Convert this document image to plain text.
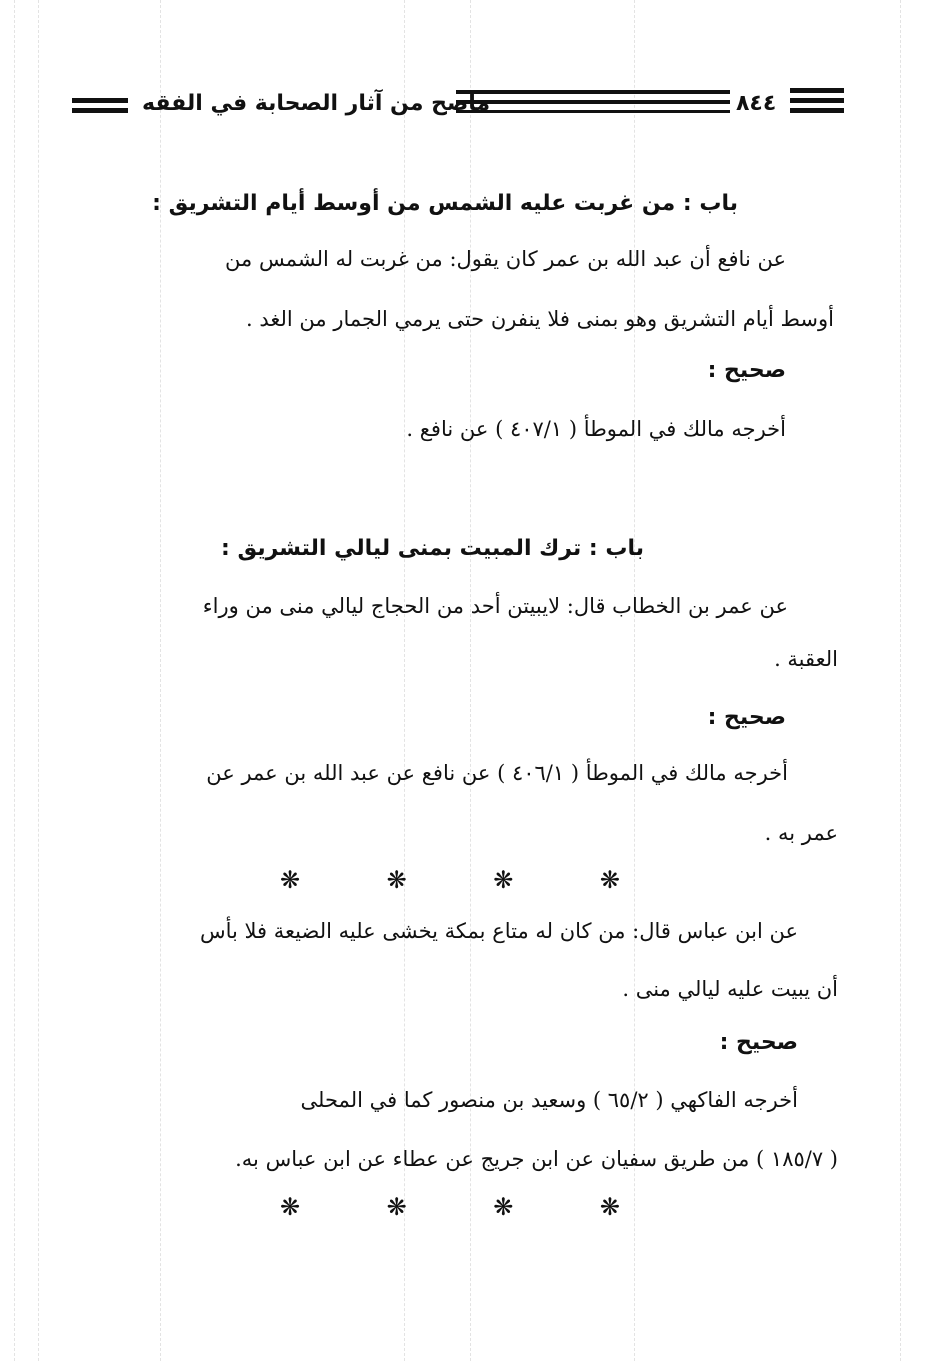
٨٤٤
ماصح من آثار الصحابة في الفقه
باب : من غربت عليه الشمس من أوسط أيام التشريق :
عن نافع أن عبد الله بن عمر كان يقول: من غربت له الشمس من
أوسط أيام التشريق وهو بمنى فلا ينفرن حتى يرمي الجمار من الغد .
صحيح :
أخرجه مالك في الموطأ ( ٤٠٧/١ ) عن نافع .
باب : ترك المبيت بمنى ليالي التشريق :
عن عمر بن الخطاب قال: لايبيتن أحد من الحجاج ليالي منى من وراء
العقبة .
صحيح :
أخرجه مالك في الموطأ ( ٤٠٦/١ ) عن نافع عن عبد الله بن عمر عن
عمر به .
❋	❋	❋	❋
عن ابن عباس قال: من كان له متاع بمكة يخشى عليه الضيعة فلا بأس
أن يبيت عليه ليالي منى .
صحيح :
أخرجه الفاكهي ( ٦٥/٢ ) وسعيد بن منصور كما في المحلى
( ١٨٥/٧ ) من طريق سفيان عن ابن جريج عن عطاء عن ابن عباس به.
❋	❋	❋	❋
